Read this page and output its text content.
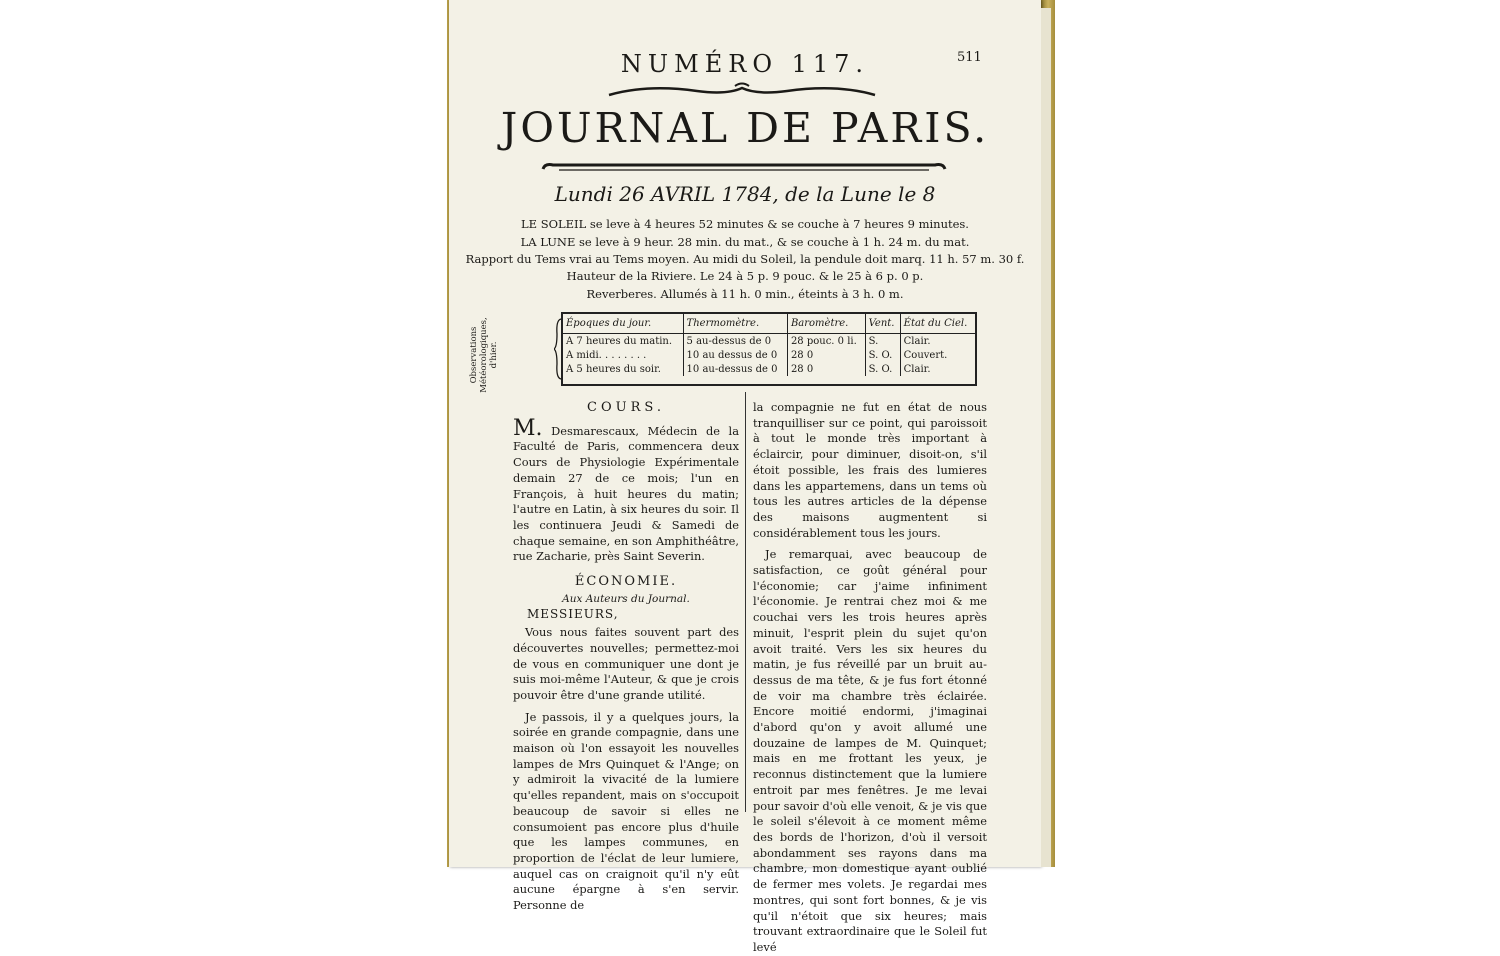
NUMÉRO 117.	511
JOURNAL DE PARIS.
Lundi 26 AVRIL 1784, de la Lune le 8
LE SOLEIL se leve à 4 heures 52 minutes & se couche à 7 heures 9 minutes.
LA LUNE se leve à 9 heur. 28 min. du mat., & se couche à 1 h. 24 m. du mat.
Rapport du Tems vrai au Tems moyen. Au midi du Soleil, la pendule doit marq. 11 h. 57 m. 30 f.
Hauteur de la Riviere. Le 24 à 5 p. 9 pouc. & le 25 à 6 p. 0 p.
Reverberes. Allumés à 11 h. 0 min., éteints à 3 h. 0 m.
Observations Météorologiques, d'hier.
Époques du jour.	Thermomètre.	Baromètre.	Vent.	État du Ciel.
A 7 heures du matin.	5 au-dessus de 0	28 pouc. 0 li.	S.	Clair.
A midi. . . . . . . .	10 au dessus de 0	28 0	S. O.	Couvert.
A 5 heures du soir.	10 au-dessus de 0	28 0	S. O.	Clair.
COURS.

M. Desmarescaux, Médecin de la Faculté de Paris, commencera deux Cours de Physiologie Expérimentale demain 27 de ce mois; l'un en François, à huit heures du matin; l'autre en Latin, à six heures du soir. Il les continuera Jeudi & Samedi de chaque semaine, en son Amphithéâtre, rue Zacharie, près Saint Severin.

ÉCONOMIE.
Aux Auteurs du Journal.
MESSIEURS,

Vous nous faites souvent part des découvertes nouvelles; permettez-moi de vous en communiquer une dont je suis moi-même l'Auteur, & que je crois pouvoir être d'une grande utilité.

Je passois, il y a quelques jours, la soirée en grande compagnie, dans une maison où l'on essayoit les nouvelles lampes de Mrs Quinquet & l'Ange; on y admiroit la vivacité de la lumiere qu'elles repandent, mais on s'occupoit beaucoup de savoir si elles ne consumoient pas encore plus d'huile que les lampes communes, en proportion de l'éclat de leur lumiere, auquel cas on craignoit qu'il n'y eût aucune épargne à s'en servir. Personne de

la compagnie ne fut en état de nous tranquilliser sur ce point, qui paroissoit à tout le monde très important à éclaircir, pour diminuer, disoit-on, s'il étoit possible, les frais des lumieres dans les appartemens, dans un tems où tous les autres articles de la dépense des maisons augmentent si considérablement tous les jours.

Je remarquai, avec beaucoup de satisfaction, ce goût général pour l'économie; car j'aime infiniment l'économie. Je rentrai chez moi & me couchai vers les trois heures après minuit, l'esprit plein du sujet qu'on avoit traité. Vers les six heures du matin, je fus réveillé par un bruit au-dessus de ma tête, & je fus fort étonné de voir ma chambre très éclairée. Encore moitié endormi, j'imaginai d'abord qu'on y avoit allumé une douzaine de lampes de M. Quinquet; mais en me frottant les yeux, je reconnus distinctement que la lumiere entroit par mes fenêtres. Je me levai pour savoir d'où elle venoit, & je vis que le soleil s'élevoit à ce moment même des bords de l'horizon, d'où il versoit abondamment ses rayons dans ma chambre, mon domestique ayant oublié de fermer mes volets. Je regardai mes montres, qui sont fort bonnes, & je vis qu'il n'étoit que six heures; mais trouvant extraordinaire que le Soleil fut levé
